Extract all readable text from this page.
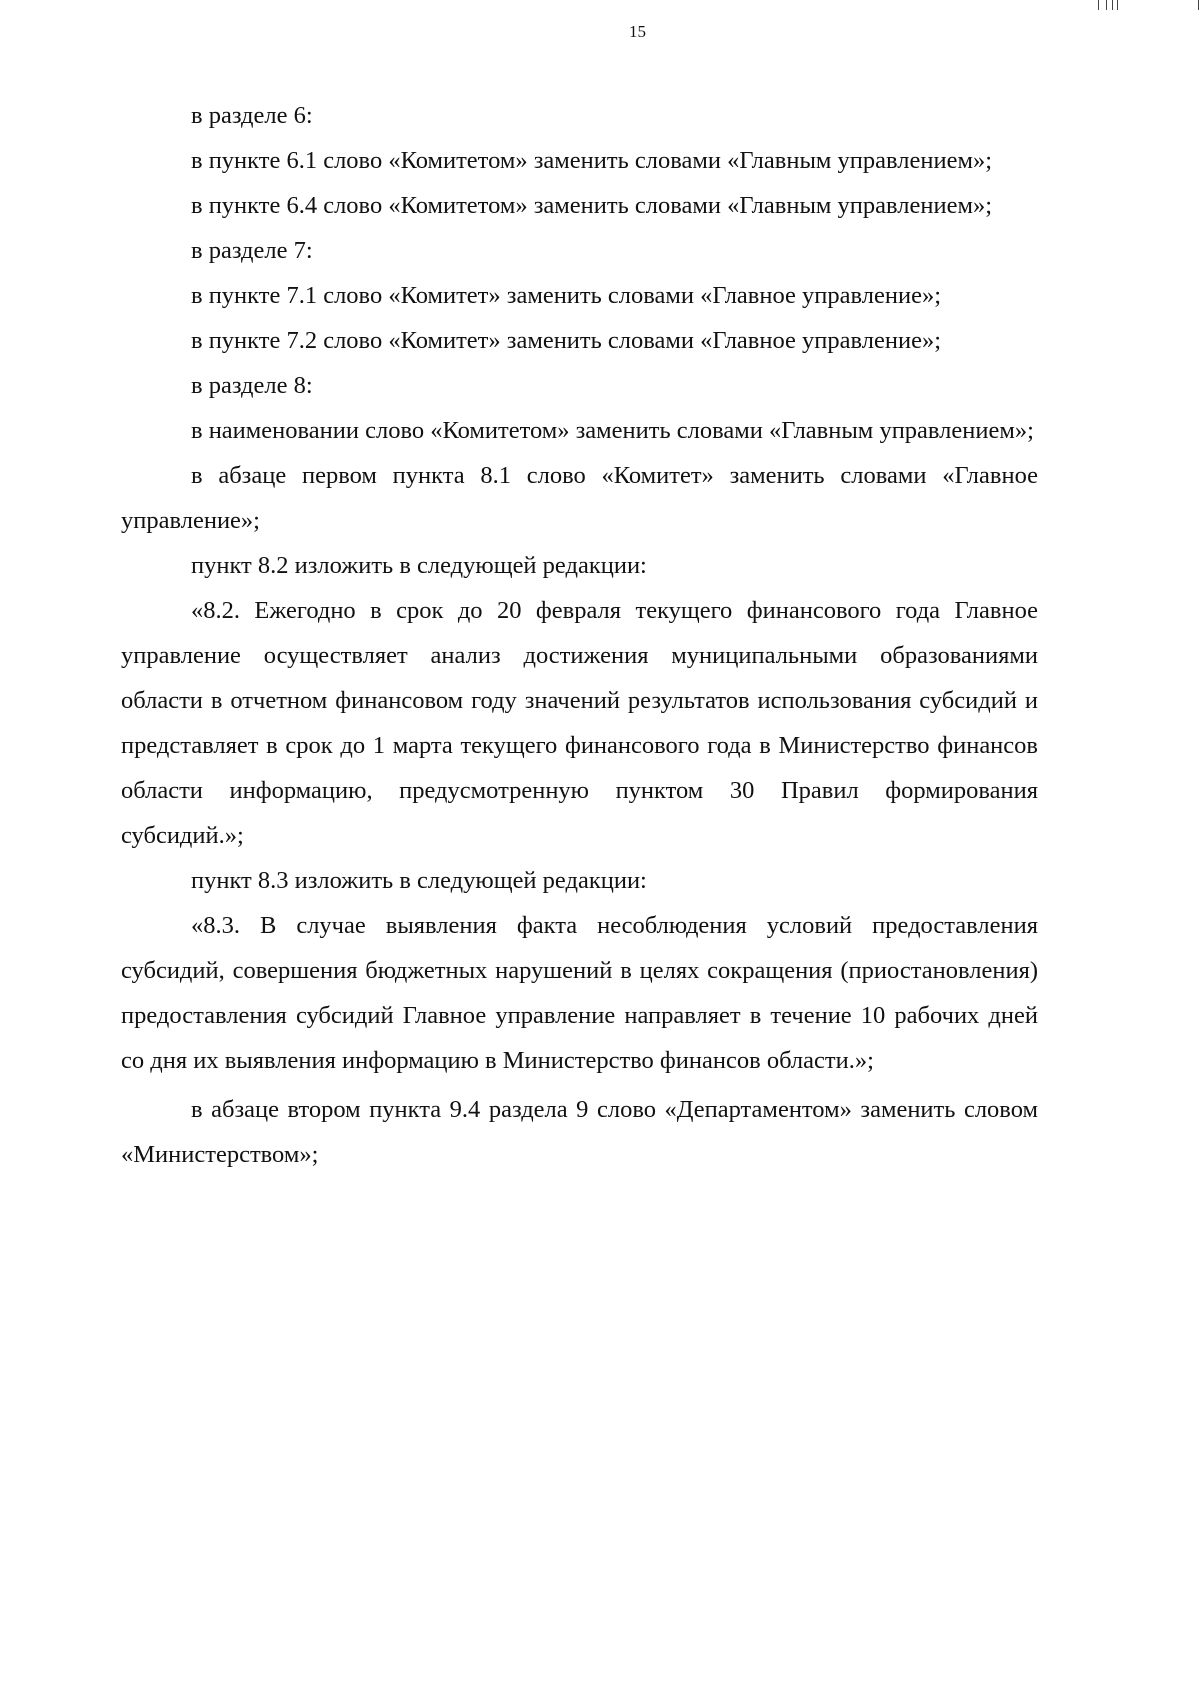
15

в разделе 6:

в пункте 6.1 слово «Комитетом» заменить словами «Главным управлением»;

в пункте 6.4 слово «Комитетом» заменить словами «Главным управлением»;

в разделе 7:

в пункте 7.1 слово «Комитет» заменить словами «Главное управление»;

в пункте 7.2 слово «Комитет» заменить словами «Главное управление»;

в разделе 8:

в наименовании слово «Комитетом» заменить словами «Главным управлением»;

в абзаце первом пункта 8.1 слово «Комитет» заменить словами «Главное управление»;

пункт 8.2 изложить в следующей редакции:

«8.2. Ежегодно в срок до 20 февраля текущего финансового года Главное управление осуществляет анализ достижения муниципальными образованиями области в отчетном финансовом году значений результатов использования субсидий и представляет в срок до 1 марта текущего финансового года в Министерство финансов области информацию, предусмотренную пунктом 30 Правил формирования субсидий.»;

пункт 8.3 изложить в следующей редакции:

«8.3. В случае выявления факта несоблюдения условий предоставления субсидий, совершения бюджетных нарушений в целях сокращения (приостановления) предоставления субсидий Главное управление направляет в течение 10 рабочих дней со дня их выявления информацию в Министерство финансов области.»;

в абзаце втором пункта 9.4 раздела 9 слово «Департаментом» заменить словом «Министерством»;
